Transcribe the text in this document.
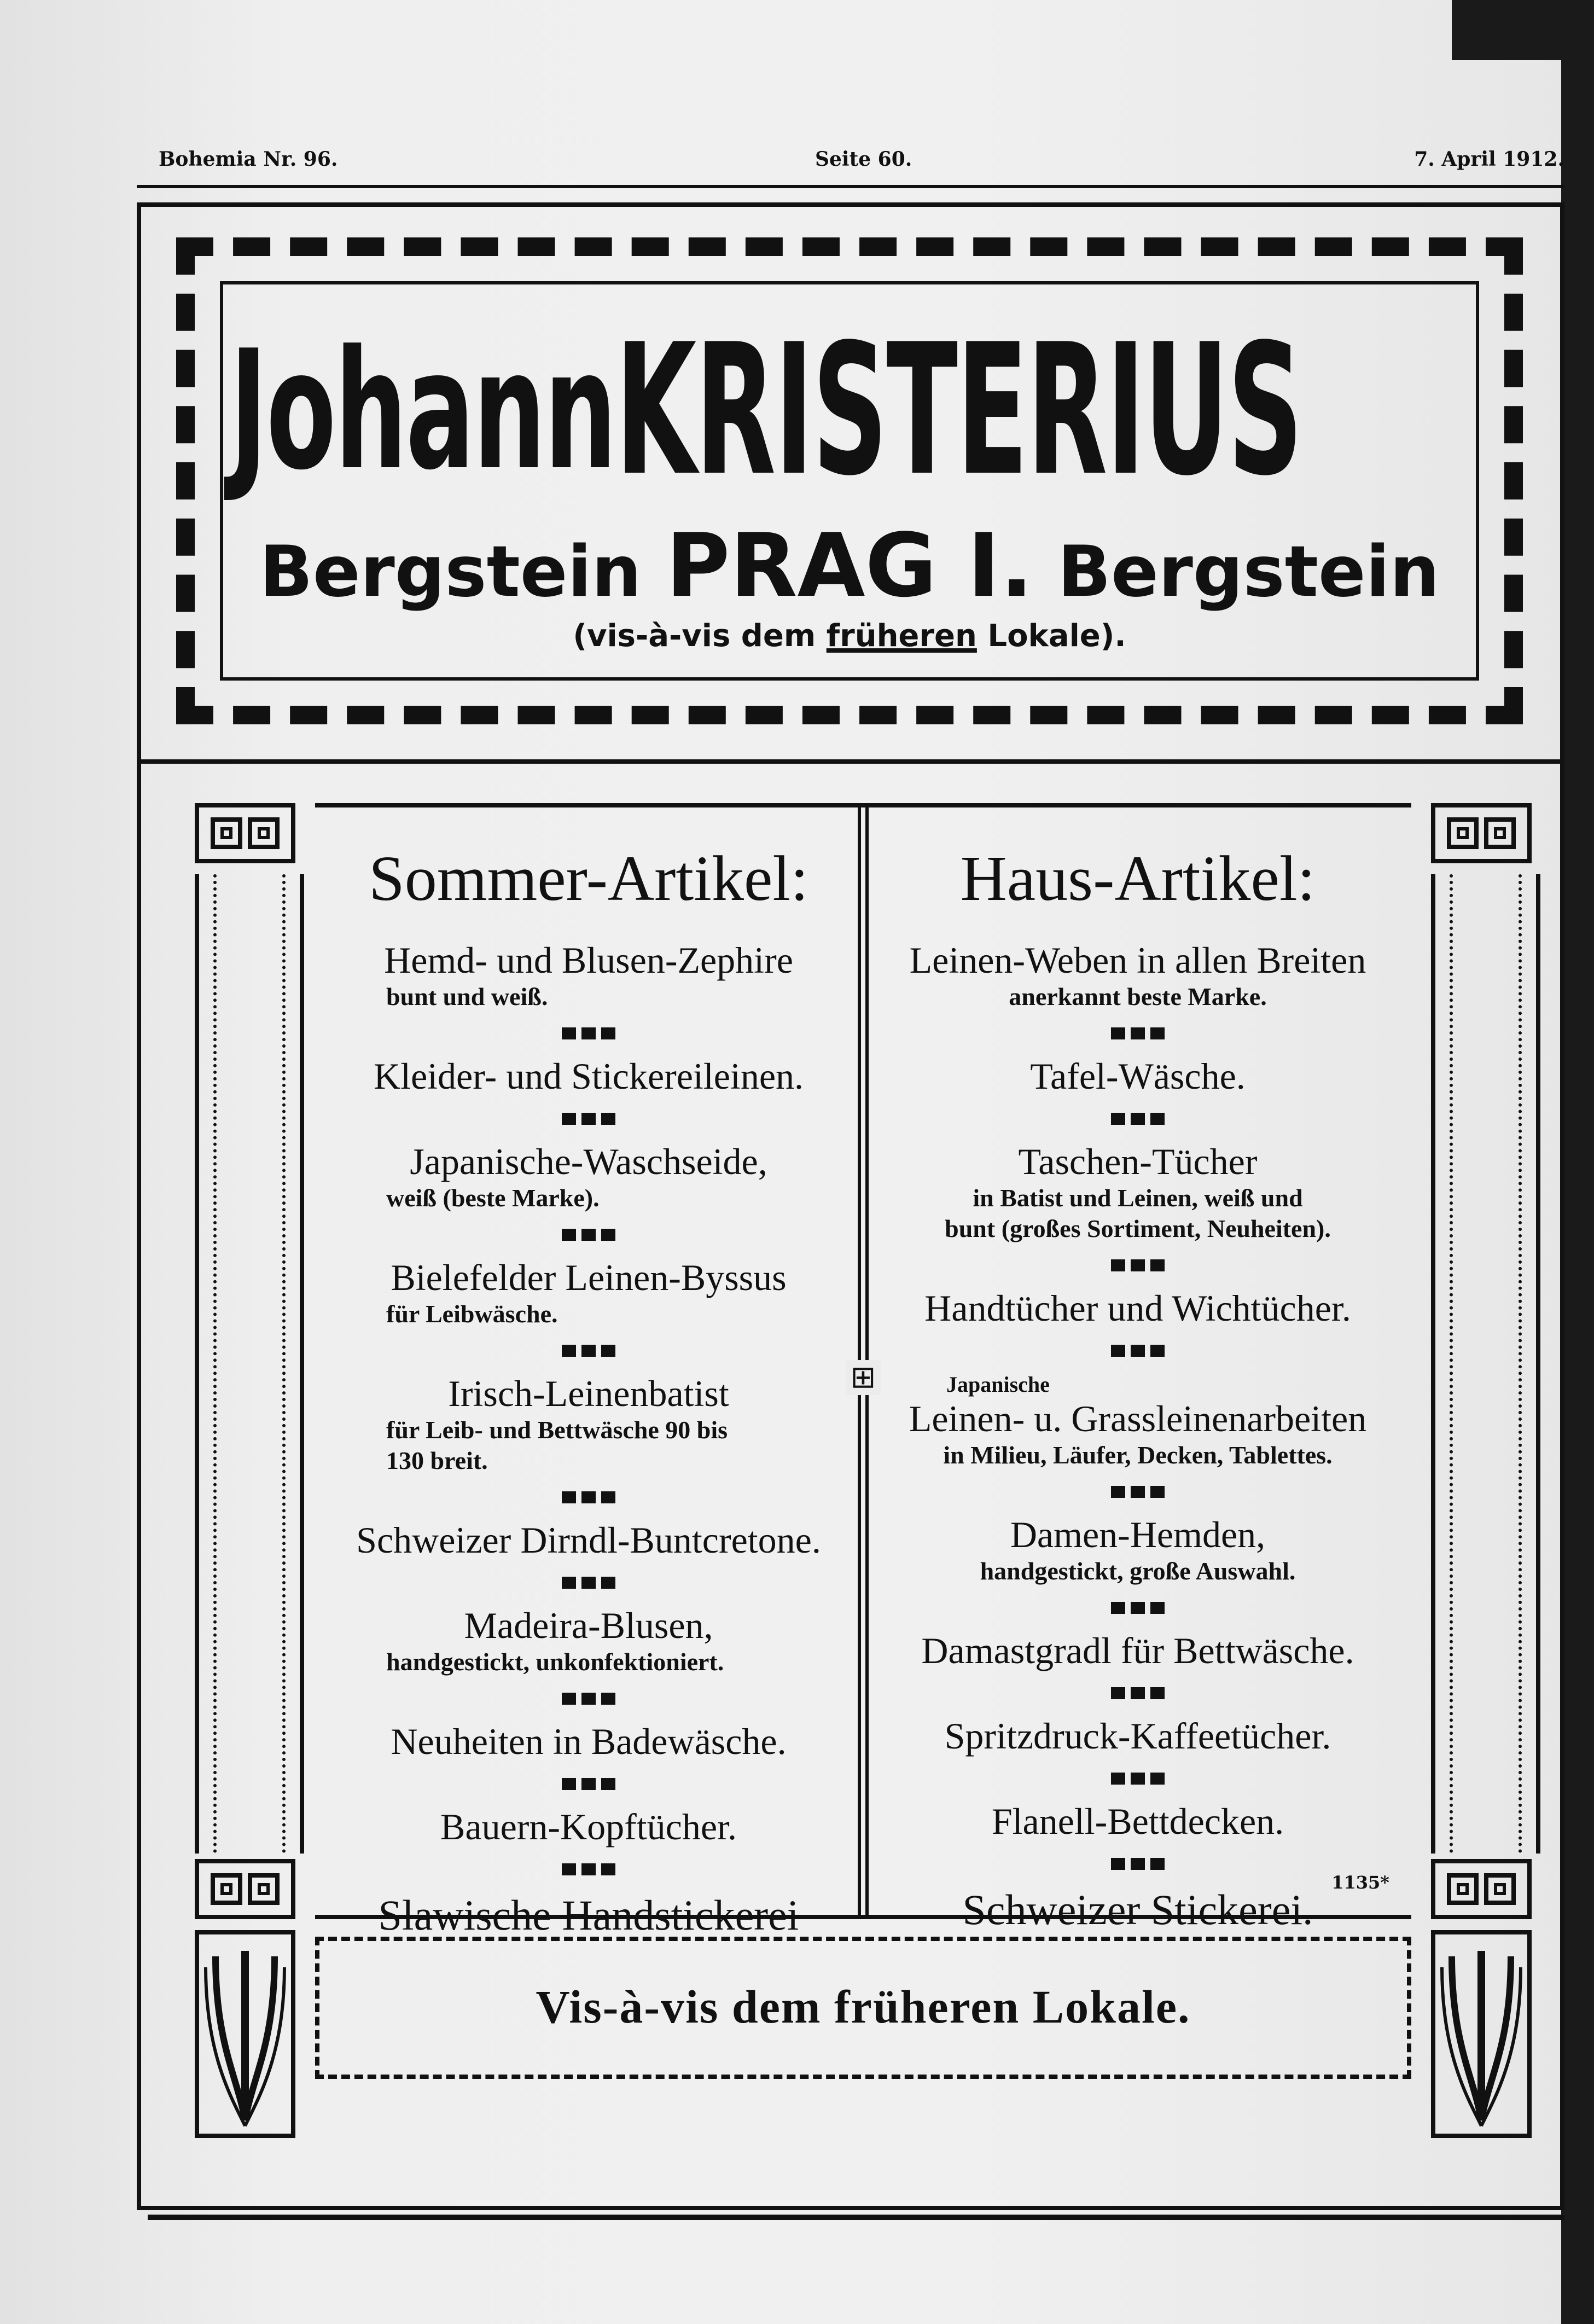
Bohemia Nr. 96.	Seite 60.	7. April 1912.
Johann KRISTERIUS
Bergstein PRAG I. Bergstein
(vis-à-vis dem früheren Lokale).
⊞
Sommer-Artikel:
Hemd- und Blusen-Zephire
bunt und weiß.
Kleider- und Stickereileinen.
Japanische-Waschseide,
weiß (beste Marke).
Bielefelder Leinen-Byssus
für Leibwäsche.
Irisch-Leinenbatist
für Leib- und Bettwäsche 90 bis
130 breit.
Schweizer Dirndl-Buntcretone.
Madeira-Blusen,
handgestickt, unkonfektioniert.
Neuheiten in Badewäsche.
Bauern-Kopftücher.
Slawische Handstickerei
Haus-Artikel:
Leinen-Weben in allen Breiten
anerkannt beste Marke.
Tafel-Wäsche.
Taschen-Tücher
in Batist und Leinen, weiß und
bunt (großes Sortiment, Neuheiten).
Handtücher und Wichtücher.
Japanische
Leinen- u. Grassleinenarbeiten
in Milieu, Läufer, Decken, Tablettes.
Damen-Hemden,
handgestickt, große Auswahl.
Damastgradl für Bettwäsche.
Spritzdruck-Kaffeetücher.
Flanell-Bettdecken.
Schweizer Stickerei.
1135*
Vis-à-vis dem früheren Lokale.
